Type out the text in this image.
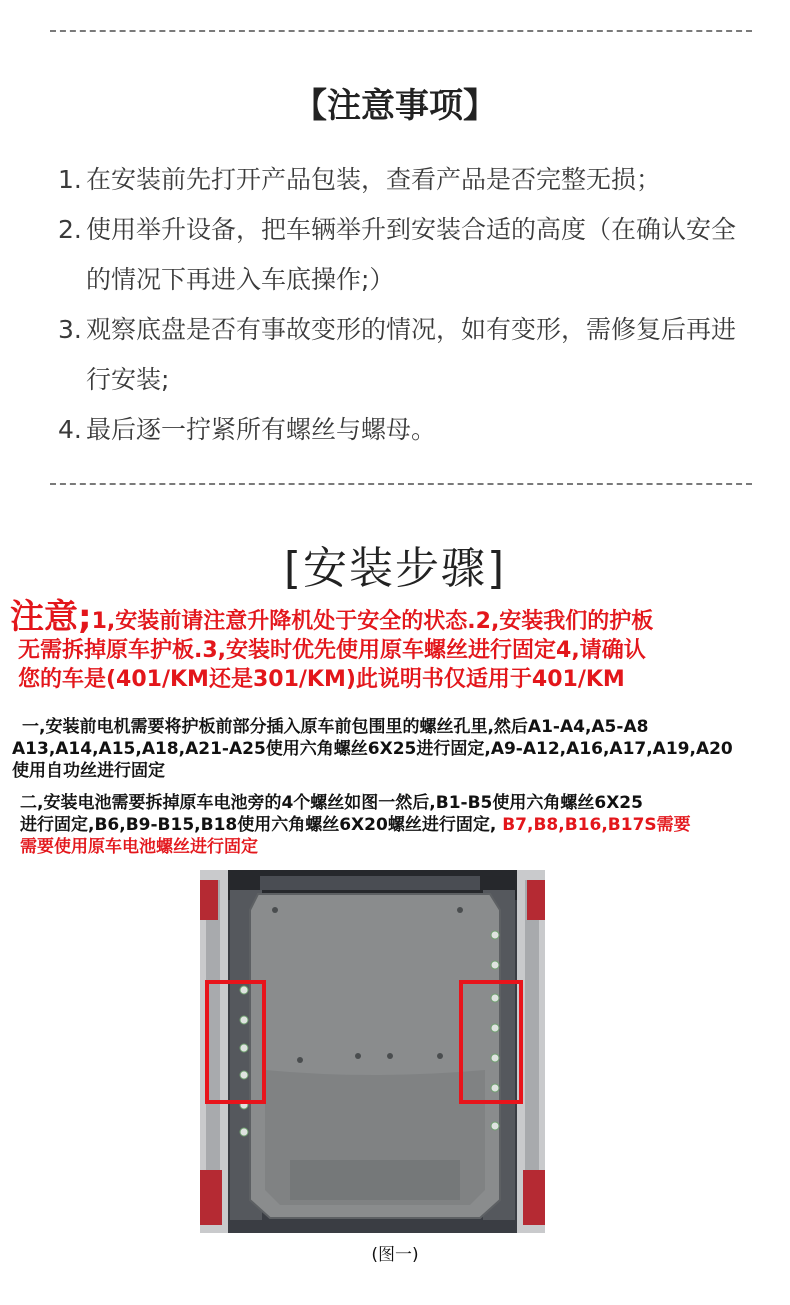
【注意事项】
1. 在安装前先打开产品包装，查看产品是否完整无损；
2. 使用举升设备，把车辆举升到安装合适的高度（在确认安全的情况下再进入车底操作;）
3. 观察底盘是否有事故变形的情况，如有变形，需修复后再进行安装;
4. 最后逐一拧紧所有螺丝与螺母。
[安装步骤]
注意;1,安装前请注意升降机处于安全的状态.2,安装我们的护板
无需拆掉原车护板.3,安装时优先使用原车螺丝进行固定4,请确认
您的车是(401/KM还是301/KM)此说明书仅适用于401/KM
一,安装前电机需要将护板前部分插入原车前包围里的螺丝孔里,然后A1-A4,A5-A8
A13,A14,A15,A18,A21-A25使用六角螺丝6X25进行固定,A9-A12,A16,A17,A19,A20
使用自功丝进行固定
二,安装电池需要拆掉原车电池旁的4个螺丝如图一然后,B1-B5使用六角螺丝6X25
进行固定,B6,B9-B15,B18使用六角螺丝6X20螺丝进行固定, B7,B8,B16,B17S需要
需要使用原车电池螺丝进行固定
(图一)
